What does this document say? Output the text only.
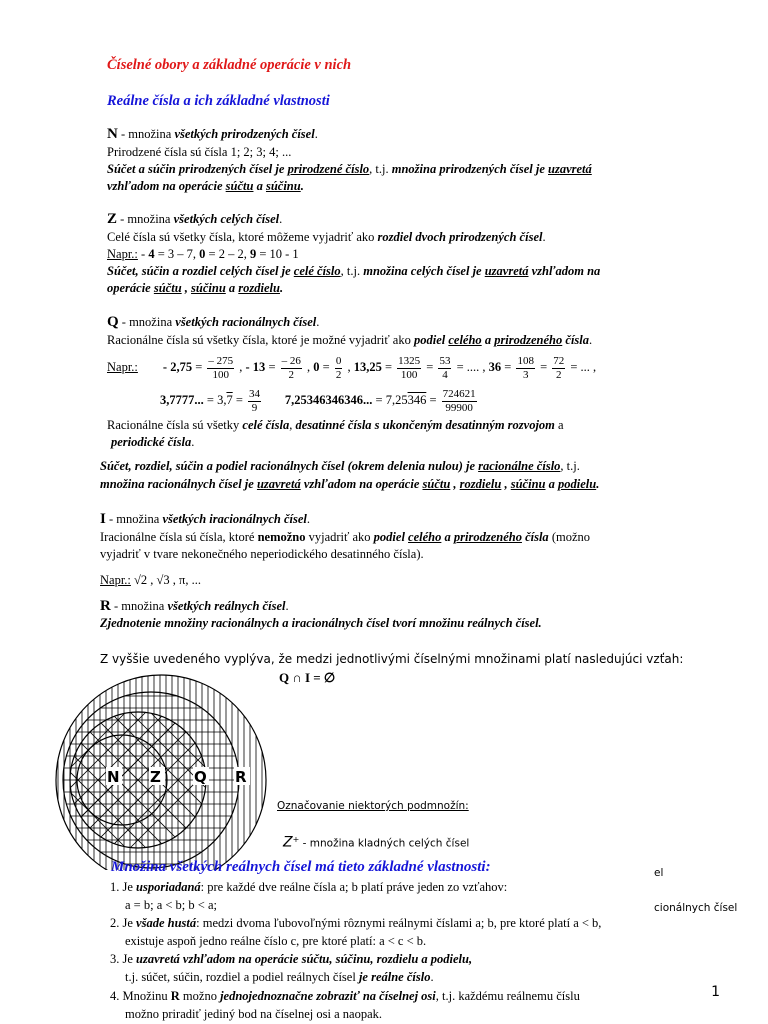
Číselné obory a základné operácie v nich
Reálne čísla a ich základné vlastnosti
N - množina všetkých prirodzených čísel.
Prirodzené čísla sú čísla 1; 2; 3; 4; ...
Súčet a súčin prirodzených čísel je prirodzené číslo, t.j. množina prirodzených čísel je uzavretá
vzhľadom na operácie súčtu a súčinu.
Z - množina všetkých celých čísel.
Celé čísla sú všetky čísla, ktoré môžeme vyjadriť ako rozdiel dvoch prirodzených čísel.
Napr.: - 4 = 3 – 7, 0 = 2 – 2, 9 = 10 - 1
Súčet, súčin a rozdiel celých čísel je celé číslo, t.j. množina celých čísel je uzavretá vzhľadom na
operácie súčtu , súčinu a rozdielu.
Q - množina všetkých racionálnych čísel.
Racionálne čísla sú všetky čísla, ktoré je možné vyjadriť ako podiel celého a prirodzeného čísla.
Napr.: - $2,75 = \frac{- 275}{100}$ , - $13 = \frac{- 26}{2}$ , $0 = \frac{0}{2}$ , $13,25 = \frac{1325}{100} = \frac{53}{4}$ = .... , $36 = \frac{108}{3} = \frac{72}{2}$ = ... ,
3,7777... = $3,7 = \frac{34}{9} 7,25346346346$... = $7,25346 = \frac{724621}{99900}$
Racionálne čísla sú všetky celé čísla, desatinné čísla s ukončeným desatinným rozvojom a
periodické čísla.
Súčet, rozdiel, súčin a podiel racionálnych čísel (okrem delenia nulou) je racionálne číslo, t.j.
množina racionálnych čísel je uzavretá vzhľadom na operácie súčtu , rozdielu , súčinu a podielu.
I - množina všetkých iracionálnych čísel.
Iracionálne čísla sú čísla, ktoré nemožno vyjadriť ako podiel celého a prirodzeného čísla (možno
vyjadriť v tvare nekonečného neperiodického desatinného čísla).
Napr.: √2 , √3 , π, ...
R - množina všetkých reálnych čísel.
Zjednotenie množiny racionálnych a iracionálnych čísel tvorí množinu reálnych čísel.
Z vyššie uvedeného vyplýva, že medzi jednotlivými číselnými množinami platí nasledujúci vzťah:
Q ∩ I = ∅
N Z Q R
Označovanie niektorých podmnožín:
Z+ - množina kladných celých čísel
el
cionálnych čísel
Množina všetkých reálnych čísel má tieto základné vlastnosti:
1. Je usporiadaná: pre každé dve reálne čísla a; b platí práve jeden zo vzťahov:
a = b; a < b; b < a;
2. Je všade hustá: medzi dvoma ľubovoľnými rôznymi reálnymi číslami a; b, pre ktoré platí a < b,
existuje aspoň jedno reálne číslo c, pre ktoré platí: a < c < b.
3. Je uzavretá vzhľadom na operácie súčtu, súčinu, rozdielu a podielu,
t.j. súčet, súčin, rozdiel a podiel reálnych čísel je reálne číslo.
4. Množinu R možno jednojednoznačne zobraziť na číselnej osi, t.j. každému reálnemu číslu
možno priradiť jediný bod na číselnej osi a naopak.
1
